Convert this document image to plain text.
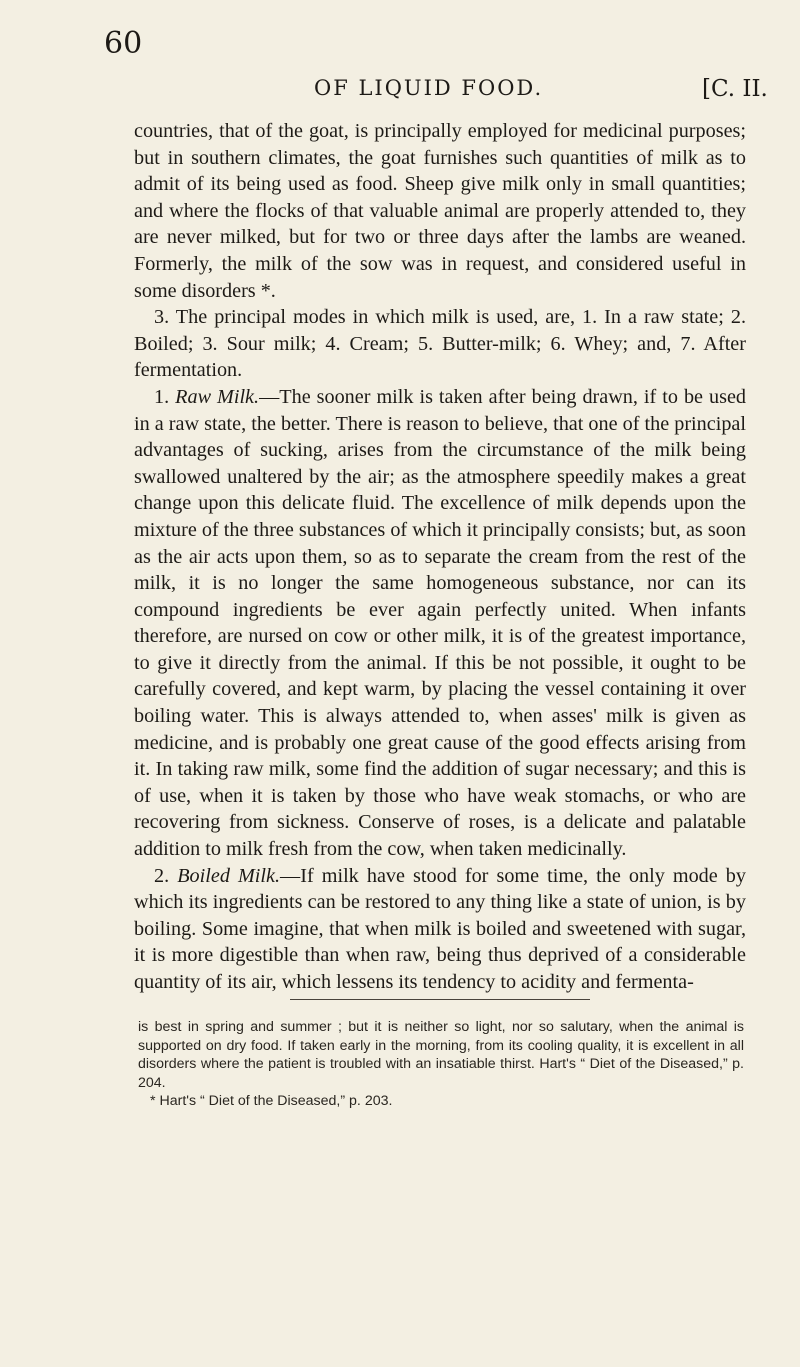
60
OF LIQUID FOOD.	[C. II.

countries, that of the goat, is principally employed for medicinal purposes; but in southern climates, the goat furnishes such quantities of milk as to admit of its being used as food. Sheep give milk only in small quantities; and where the flocks of that valuable animal are properly attended to, they are never milked, but for two or three days after the lambs are weaned. Formerly, the milk of the sow was in request, and considered useful in some disorders *.

3. The principal modes in which milk is used, are, 1. In a raw state; 2. Boiled; 3. Sour milk; 4. Cream; 5. Butter-milk; 6. Whey; and, 7. After fermentation.

1. Raw Milk.—The sooner milk is taken after being drawn, if to be used in a raw state, the better. There is reason to believe, that one of the principal advantages of sucking, arises from the circumstance of the milk being swallowed unaltered by the air; as the atmosphere speedily makes a great change upon this delicate fluid. The excellence of milk depends upon the mixture of the three substances of which it principally consists; but, as soon as the air acts upon them, so as to separate the cream from the rest of the milk, it is no longer the same homogeneous substance, nor can its compound ingredients be ever again perfectly united. When infants therefore, are nursed on cow or other milk, it is of the greatest importance, to give it directly from the animal. If this be not possible, it ought to be carefully covered, and kept warm, by placing the vessel containing it over boiling water. This is always attended to, when asses' milk is given as medicine, and is probably one great cause of the good effects arising from it. In taking raw milk, some find the addition of sugar necessary; and this is of use, when it is taken by those who have weak stomachs, or who are recovering from sickness. Conserve of roses, is a delicate and palatable addition to milk fresh from the cow, when taken medicinally.

2. Boiled Milk.—If milk have stood for some time, the only mode by which its ingredients can be restored to any thing like a state of union, is by boiling. Some imagine, that when milk is boiled and sweetened with sugar, it is more digestible than when raw, being thus deprived of a considerable quantity of its air, which lessens its tendency to acidity and fermenta-

is best in spring and summer ; but it is neither so light, nor so salutary, when the animal is supported on dry food. If taken early in the morning, from its cooling quality, it is excellent in all disorders where the patient is troubled with an insatiable thirst. Hart's “ Diet of the Diseased,” p. 204.

* Hart's “ Diet of the Diseased,” p. 203.
